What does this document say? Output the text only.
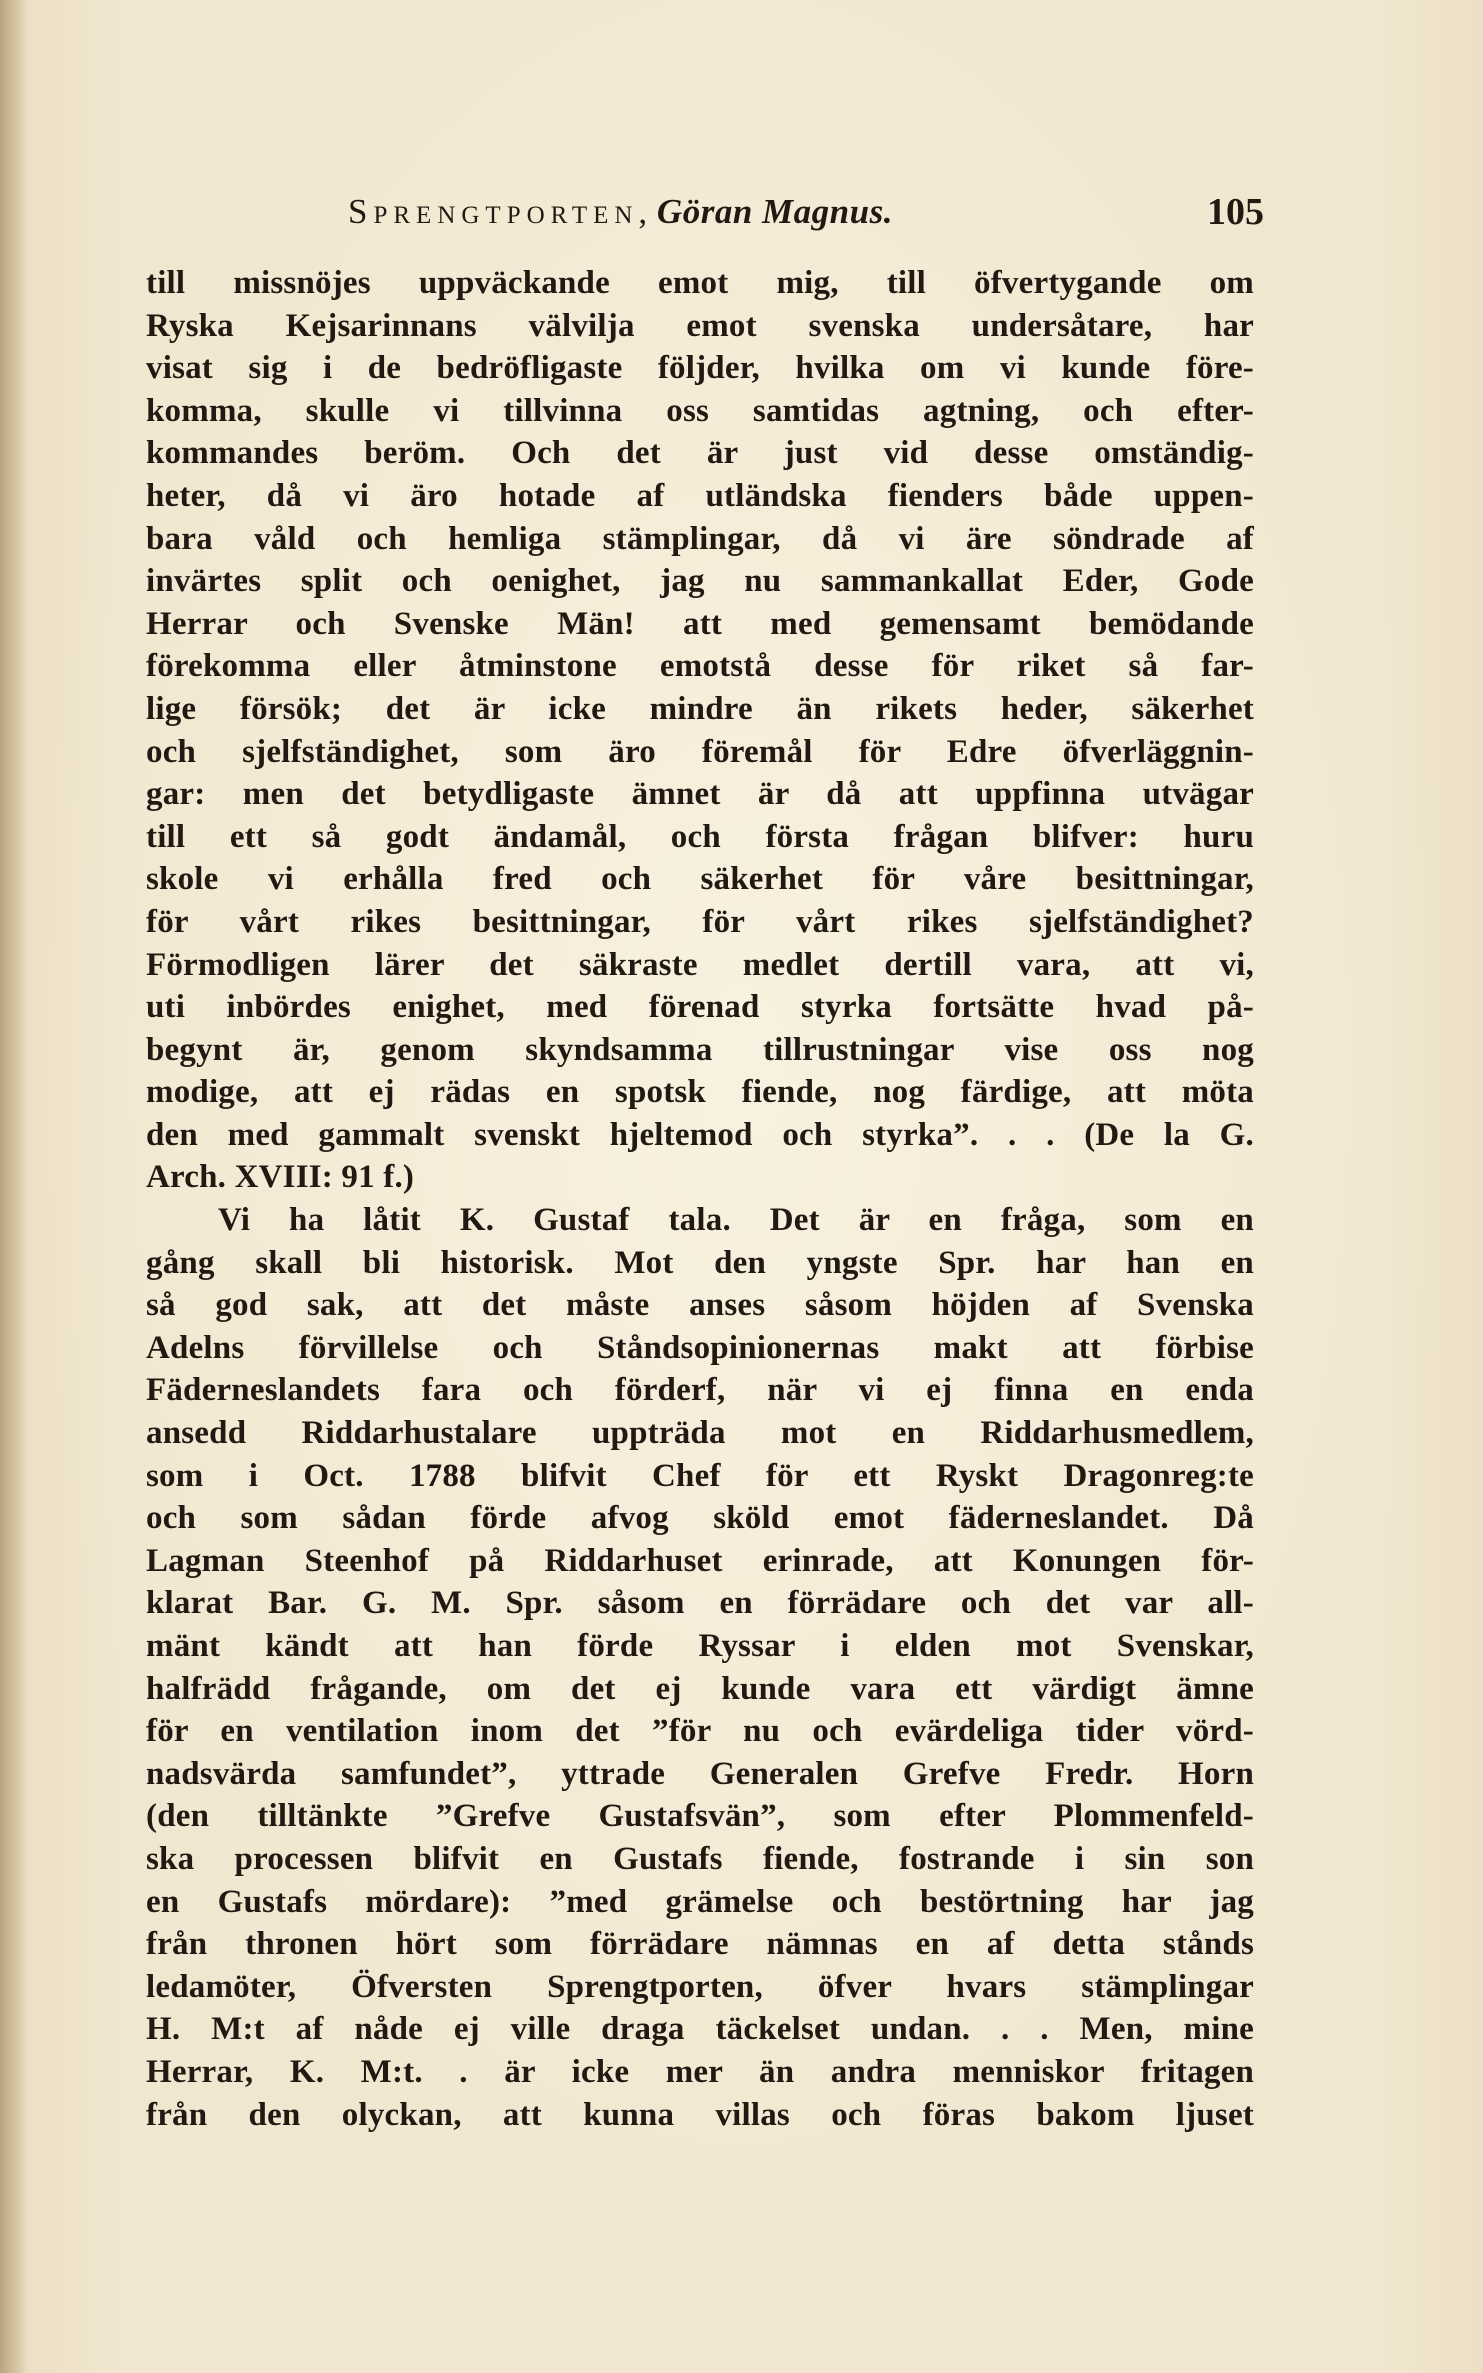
Sprengtporten, Göran Magnus.	105
till missnöjes uppväckande emot mig, till öfvertygande om
Ryska Kejsarinnans välvilja emot svenska undersåtare, har
visat sig i de bedröfligaste följder, hvilka om vi kunde före-
komma, skulle vi tillvinna oss samtidas agtning, och efter-
kommandes beröm. Och det är just vid desse omständig-
heter, då vi äro hotade af utländska fienders både uppen-
bara våld och hemliga stämplingar, då vi äre söndrade af
invärtes split och oenighet, jag nu sammankallat Eder, Gode
Herrar och Svenske Män! att med gemensamt bemödande
förekomma eller åtminstone emotstå desse för riket så far-
lige försök; det är icke mindre än rikets heder, säkerhet
och sjelfständighet, som äro föremål för Edre öfverläggnin-
gar: men det betydligaste ämnet är då att uppfinna utvägar
till ett så godt ändamål, och första frågan blifver: huru
skole vi erhålla fred och säkerhet för våre besittningar,
för vårt rikes besittningar, för vårt rikes sjelfständighet?
Förmodligen lärer det säkraste medlet dertill vara, att vi,
uti inbördes enighet, med förenad styrka fortsätte hvad på-
begynt är, genom skyndsamma tillrustningar vise oss nog
modige, att ej rädas en spotsk fiende, nog färdige, att möta
den med gammalt svenskt hjeltemod och styrka”. . . (De la G.
Arch. XVIII: 91 f.)
Vi ha låtit K. Gustaf tala. Det är en fråga, som en
gång skall bli historisk. Mot den yngste Spr. har han en
så god sak, att det måste anses såsom höjden af Svenska
Adelns förvillelse och Ståndsopinionernas makt att förbise
Fäderneslandets fara och förderf, när vi ej finna en enda
ansedd Riddarhustalare uppträda mot en Riddarhusmedlem,
som i Oct. 1788 blifvit Chef för ett Ryskt Dragonreg:te
och som sådan förde afvog sköld emot fäderneslandet. Då
Lagman Steenhof på Riddarhuset erinrade, att Konungen för-
klarat Bar. G. M. Spr. såsom en förrädare och det var all-
mänt kändt att han förde Ryssar i elden mot Svenskar,
halfrädd frågande, om det ej kunde vara ett värdigt ämne
för en ventilation inom det ”för nu och evärdeliga tider vörd-
nadsvärda samfundet”, yttrade Generalen Grefve Fredr. Horn
(den tilltänkte ”Grefve Gustafsvän”, som efter Plommenfeld-
ska processen blifvit en Gustafs fiende, fostrande i sin son
en Gustafs mördare): ”med grämelse och bestörtning har jag
från thronen hört som förrädare nämnas en af detta stånds
ledamöter, Öfversten Sprengtporten, öfver hvars stämplingar
H. M:t af nåde ej ville draga täckelset undan. . . Men, mine
Herrar, K. M:t. . är icke mer än andra menniskor fritagen
från den olyckan, att kunna villas och föras bakom ljuset
